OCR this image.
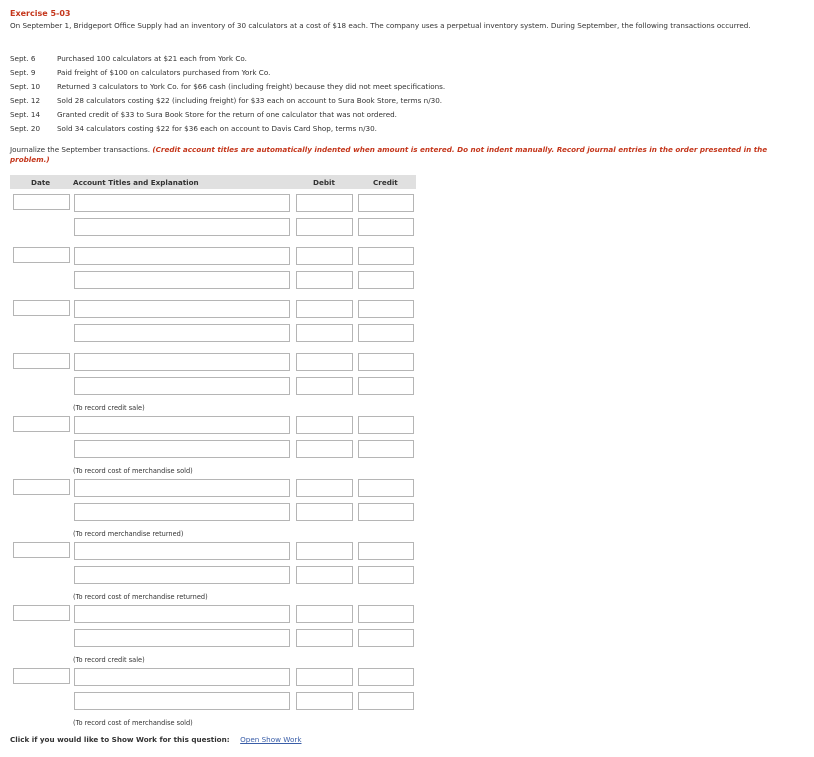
Exercise 5-03
On September 1, Bridgeport Office Supply had an inventory of 30 calculators at a cost of $18 each. The company uses a perpetual inventory system. During September, the following transactions occurred.
Sept. 6	Purchased 100 calculators at $21 each from York Co.
Sept. 9	Paid freight of $100 on calculators purchased from York Co.
Sept. 10	Returned 3 calculators to York Co. for $66 cash (including freight) because they did not meet specifications.
Sept. 12	Sold 28 calculators costing $22 (including freight) for $33 each on account to Sura Book Store, terms n/30.
Sept. 14	Granted credit of $33 to Sura Book Store for the return of one calculator that was not ordered.
Sept. 20	Sold 34 calculators costing $22 for $36 each on account to Davis Card Shop, terms n/30.
Journalize the September transactions. (Credit account titles are automatically indented when amount is entered. Do not indent manually. Record journal entries in the order presented in the problem.)
Date	Account Titles and Explanation	Debit	Credit
(To record credit sale)
(To record cost of merchandise sold)
(To record merchandise returned)
(To record cost of merchandise returned)
(To record credit sale)
(To record cost of merchandise sold)
Click if you would like to Show Work for this question: Open Show Work
